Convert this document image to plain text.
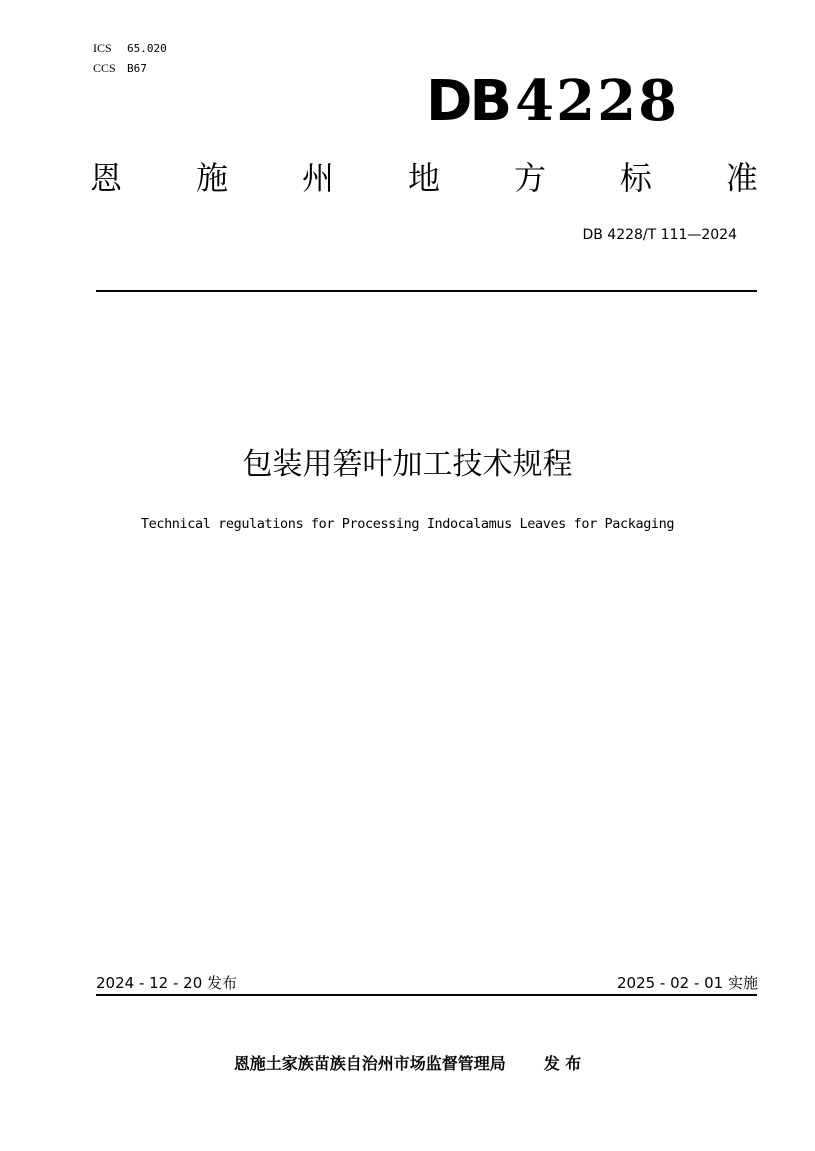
ICS 65.020
CCS B67
DB 4228
恩 施 州 地 方 标 准
DB 4228/T 111—2024
包装用箬叶加工技术规程
Technical regulations for Processing Indocalamus Leaves for Packaging
2024 - 12 - 20 发布	2025 - 02 - 01 实施
恩施土家族苗族自治州市场监督管理局 发 布
